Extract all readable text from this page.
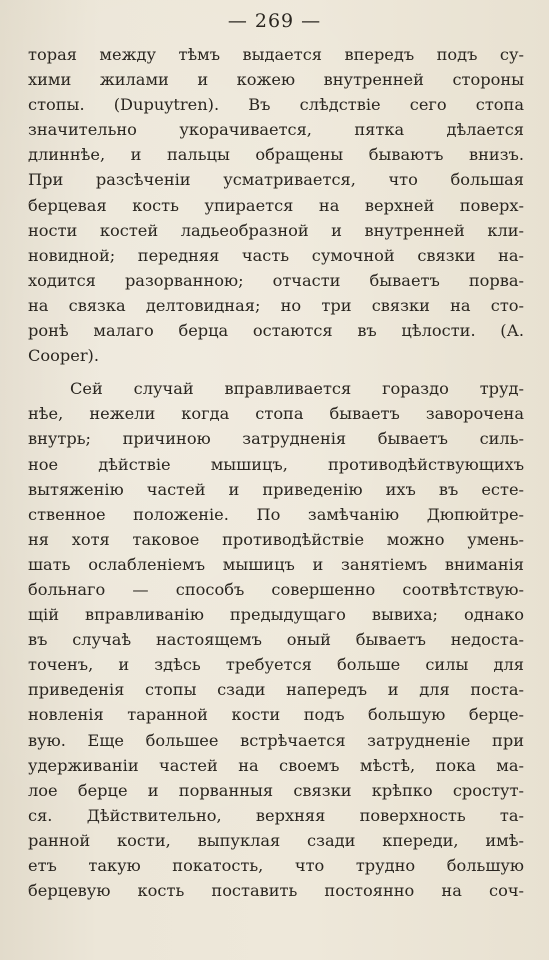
— 269 —
торая между тѣмъ выдается впередъ подъ су-
хими жилами и кожею внутренней стороны
стопы. (Dupuytren). Въ слѣдствіе сего стопа
значительно укорачивается, пятка дѣлается
длиннѣе, и пальцы обращены бываютъ внизъ.
При разсѣченіи усматривается, что большая
берцевая кость упирается на верхней поверх-
ности костей ладьеобразной и внутренней кли-
новидной; передняя часть сумочной связки на-
ходится разорванною; отчасти бываетъ порва-
на связка делтовидная; но три связки на сто-
ронѣ малаго берца остаются въ цѣлости. (А.
Cooper).
Сей случай вправливается гораздо труд-
нѣе, нежели когда стопа бываетъ заворочена
внутрь; причиною затрудненія бываетъ силь-
ное дѣйствіе мышицъ, противодѣйствующихъ
вытяженію частей и приведенію ихъ въ есте-
ственное положеніе. По замѣчанію Дюпюйтре-
ня хотя таковое противодѣйствіе можно умень-
шать ослабленіемъ мышицъ и занятіемъ вниманія
больнаго — способъ совершенно соотвѣтствую-
щій вправливанію предыдущаго вывиха; однако
въ случаѣ настоящемъ оный бываетъ недоста-
точенъ, и здѣсь требуется больше силы для
приведенія стопы сзади напередъ и для поста-
новленія таранной кости подъ большую берце-
вую. Еще большее встрѣчается затрудненіе при
удерживаніи частей на своемъ мѣстѣ, пока ма-
лое берце и порванныя связки крѣпко сростут-
ся. Дѣйствительно, верхняя поверхность та-
ранной кости, выпуклая сзади кпереди, имѣ-
етъ такую покатость, что трудно большую
берцевую кость поставить постоянно на соч-
